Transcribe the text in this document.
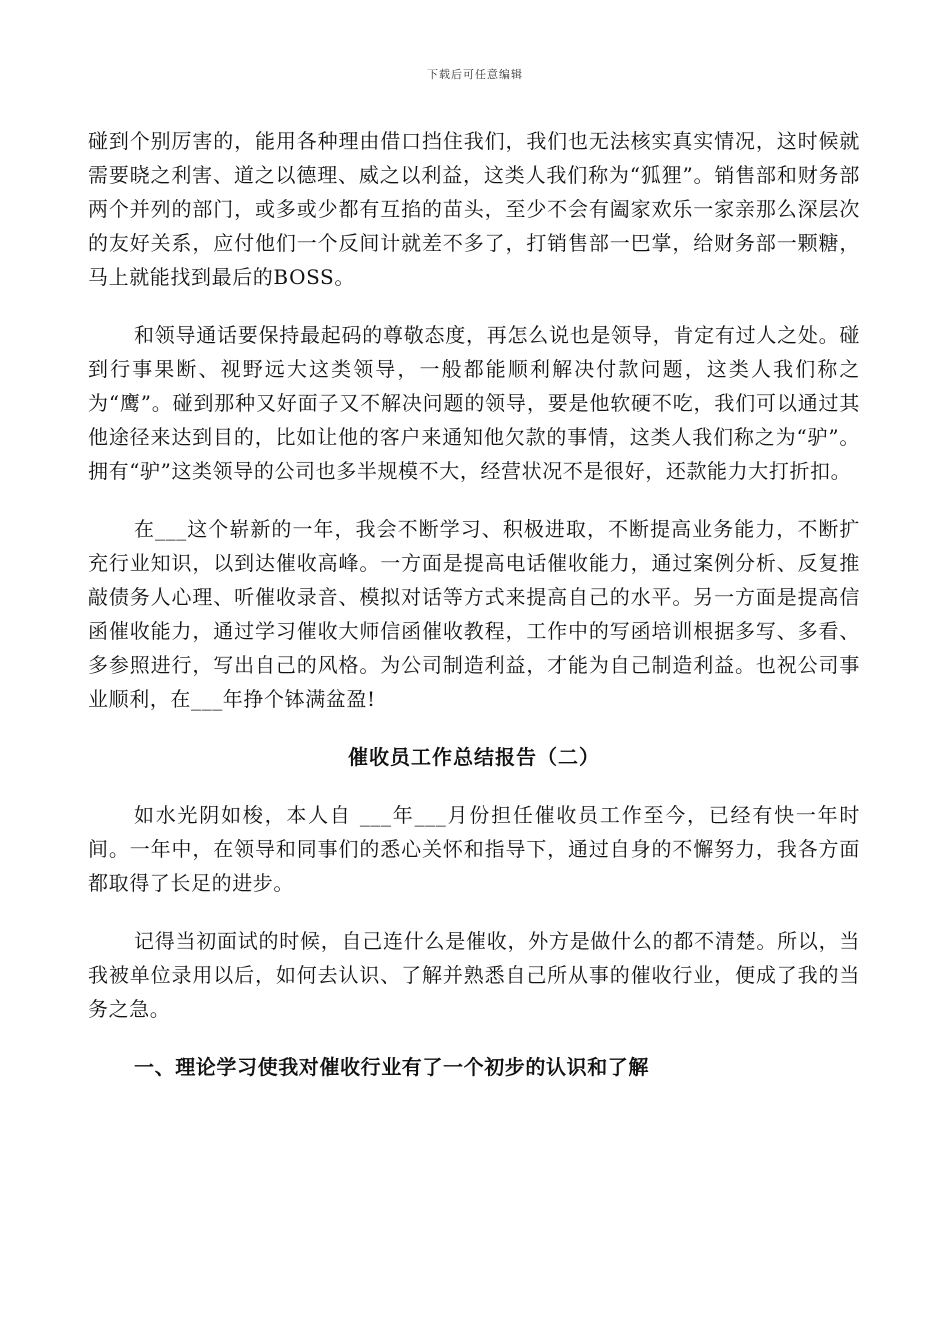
下载后可任意编辑

碰到个别厉害的，能用各种理由借口挡住我们，我们也无法核实真实情况，这时候就需要晓之利害、道之以德理、威之以利益，这类人我们称为“狐狸”。销售部和财务部两个并列的部门，或多或少都有互掐的苗头，至少不会有阖家欢乐一家亲那么深层次的友好关系，应付他们一个反间计就差不多了，打销售部一巴掌，给财务部一颗糖，马上就能找到最后的BOSS。

和领导通话要保持最起码的尊敬态度，再怎么说也是领导，肯定有过人之处。碰到行事果断、视野远大这类领导，一般都能顺利解决付款问题，这类人我们称之为“鹰”。碰到那种又好面子又不解决问题的领导，要是他软硬不吃，我们可以通过其他途径来达到目的，比如让他的客户来通知他欠款的事情，这类人我们称之为“驴”。拥有“驴”这类领导的公司也多半规模不大，经营状况不是很好，还款能力大打折扣。

在___这个崭新的一年，我会不断学习、积极进取，不断提高业务能力，不断扩充行业知识，以到达催收高峰。一方面是提高电话催收能力，通过案例分析、反复推敲债务人心理、听催收录音、模拟对话等方式来提高自己的水平。另一方面是提高信函催收能力，通过学习催收大师信函催收教程，工作中的写函培训根据多写、多看、多参照进行，写出自己的风格。为公司制造利益，才能为自己制造利益。也祝公司事业顺利，在___年挣个钵满盆盈!

催收员工作总结报告（二）

如水光阴如梭，本人自 ___年___月份担任催收员工作至今，已经有快一年时间。一年中，在领导和同事们的悉心关怀和指导下，通过自身的不懈努力，我各方面都取得了长足的进步。

记得当初面试的时候，自己连什么是催收，外方是做什么的都不清楚。所以，当我被单位录用以后，如何去认识、了解并熟悉自己所从事的催收行业，便成了我的当务之急。

一、理论学习使我对催收行业有了一个初步的认识和了解
